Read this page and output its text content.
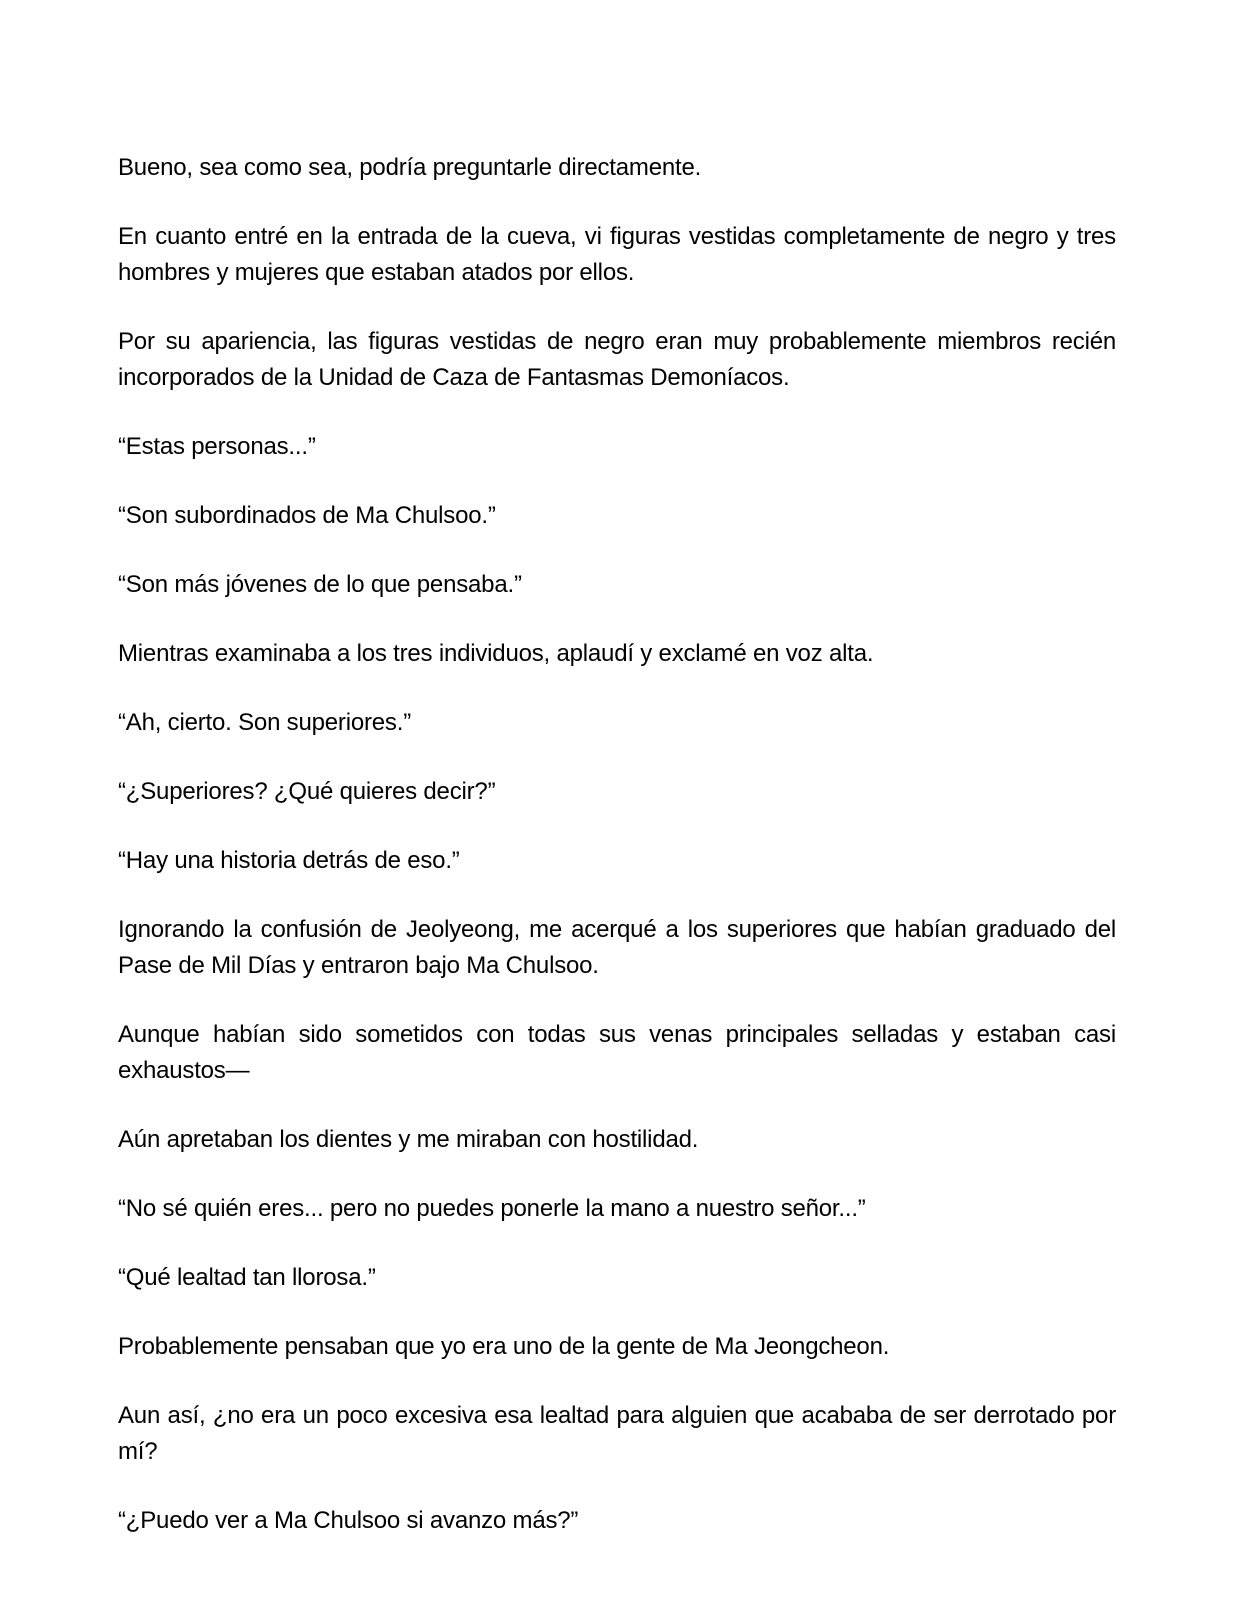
Bueno, sea como sea, podría preguntarle directamente.

En cuanto entré en la entrada de la cueva, vi figuras vestidas completamente de negro y tres hombres y mujeres que estaban atados por ellos.

Por su apariencia, las figuras vestidas de negro eran muy probablemente miembros recién incorporados de la Unidad de Caza de Fantasmas Demoníacos.

“Estas personas...”

“Son subordinados de Ma Chulsoo.”

“Son más jóvenes de lo que pensaba.”

Mientras examinaba a los tres individuos, aplaudí y exclamé en voz alta.

“Ah, cierto. Son superiores.”

“¿Superiores? ¿Qué quieres decir?”

“Hay una historia detrás de eso.”

Ignorando la confusión de Jeolyeong, me acerqué a los superiores que habían graduado del Pase de Mil Días y entraron bajo Ma Chulsoo.

Aunque habían sido sometidos con todas sus venas principales selladas y estaban casi exhaustos—

Aún apretaban los dientes y me miraban con hostilidad.

“No sé quién eres... pero no puedes ponerle la mano a nuestro señor...”

“Qué lealtad tan llorosa.”

Probablemente pensaban que yo era uno de la gente de Ma Jeongcheon.

Aun así, ¿no era un poco excesiva esa lealtad para alguien que acababa de ser derrotado por mí?

“¿Puedo ver a Ma Chulsoo si avanzo más?”
